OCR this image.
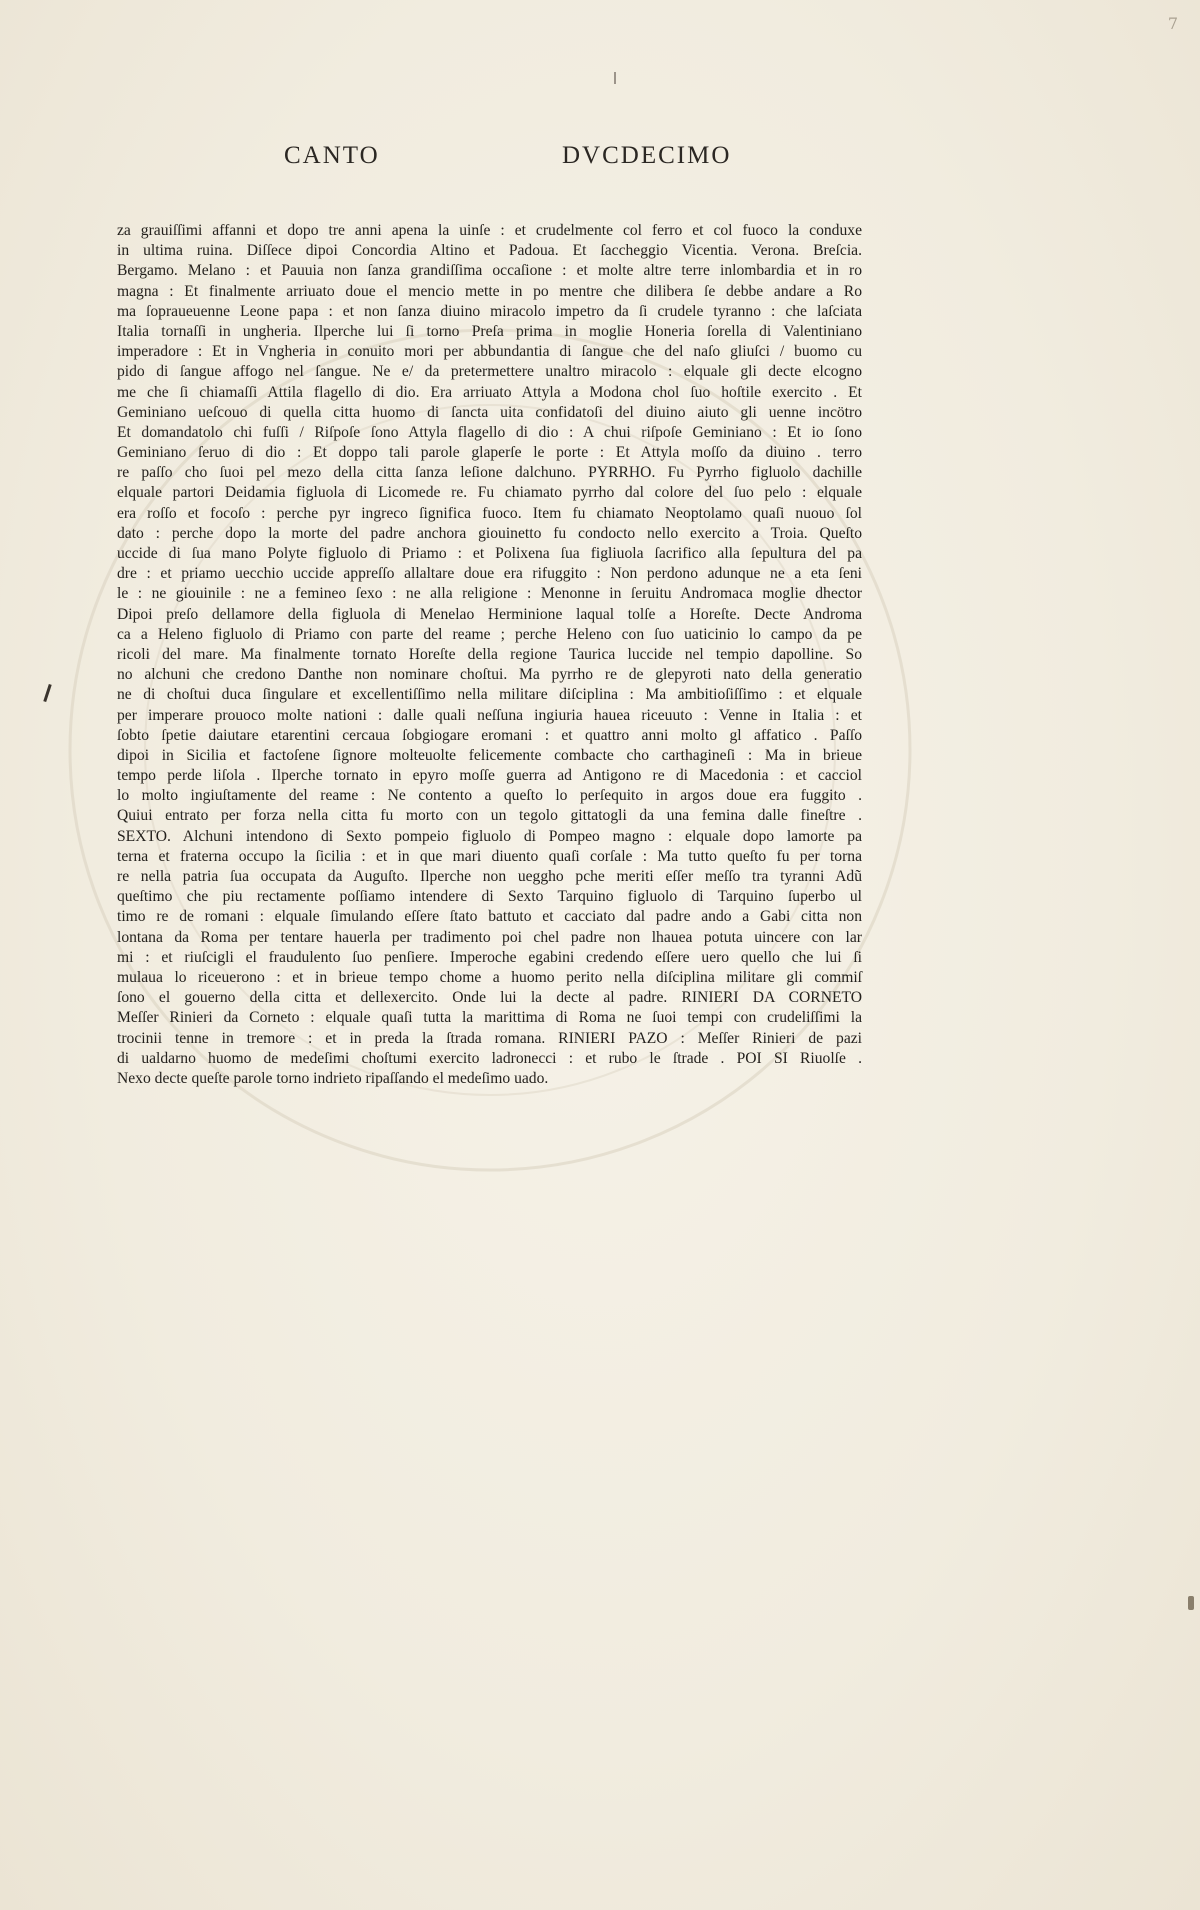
7
CANTO	DVCDECIMO
za grauiſſimi affanni et dopo tre anni apena la uinſe : et crudelmente col ferro et col fuoco la conduxe
in ultima ruina. Diſſece dipoi Concordia Altino et Padoua. Et ſaccheggio Vicentia. Verona. Breſcia.
Bergamo. Melano : et Pauuia non ſanza grandiſſima occaſione : et molte altre terre inlombardia et in ro
magna : Et finalmente arriuato doue el mencio mette in po mentre che dilibera ſe debbe andare a Ro
ma ſopraueuenne Leone papa : et non ſanza diuino miracolo impetro da ſi crudele tyranno : che laſciata
Italia tornaſſi in ungheria. Ilperche lui ſi torno Preſa prima in moglie Honeria ſorella di Valentiniano
imperadore : Et in Vngheria in conuito mori per abbundantia di ſangue che del naſo gliuſci / buomo cu
pido di ſangue affogo nel ſangue. Ne e/ da pretermettere unaltro miracolo : elquale gli decte elcogno
me che ſi chiamaſſi Attila flagello di dio. Era arriuato Attyla a Modona chol ſuo hoſtile exercito . Et
Geminiano ueſcouo di quella citta huomo di ſancta uita confidatoſi del diuino aiuto gli uenne incötro
Et domandatolo chi fuſſi / Riſpoſe ſono Attyla flagello di dio : A chui riſpoſe Geminiano : Et io ſono
Geminiano ſeruo di dio : Et doppo tali parole glaperſe le porte : Et Attyla moſſo da diuino . terro
re paſſo cho ſuoi pel mezo della citta ſanza leſione dalchuno. PYRRHO. Fu Pyrrho figluolo dachille
elquale partori Deidamia figluola di Licomede re. Fu chiamato pyrrho dal colore del ſuo pelo : elquale
era roſſo et focoſo : perche pyr ingreco ſignifica fuoco. Item fu chiamato Neoptolamo quaſi nuouo ſol
dato : perche dopo la morte del padre anchora giouinetto fu condocto nello exercito a Troia. Queſto
uccide di ſua mano Polyte figluolo di Priamo : et Polixena ſua figliuola ſacrifico alla ſepultura del pa
dre : et priamo uecchio uccide appreſſo allaltare doue era rifuggito : Non perdono adunque ne a eta ſeni
le : ne giouinile : ne a femineo ſexo : ne alla religione : Menonne in ſeruitu Andromaca moglie dhector
Dipoi preſo dellamore della figluola di Menelao Herminione laqual tolſe a Horeſte. Decte Androma
ca a Heleno figluolo di Priamo con parte del reame ; perche Heleno con ſuo uaticinio lo campo da pe
ricoli del mare. Ma finalmente tornato Horeſte della regione Taurica luccide nel tempio dapolline. So
no alchuni che credono Danthe non nominare choſtui. Ma pyrrho re de glepyroti nato della generatio
ne di choſtui duca ſingulare et excellentiſſimo nella militare diſciplina : Ma ambitioſiſſimo : et elquale
per imperare prouoco molte nationi : dalle quali neſſuna ingiuria hauea riceuuto : Venne in Italia : et
ſobto ſpetie daiutare etarentini cercaua ſobgiogare eromani : et quattro anni molto gl affatico . Paſſo
dipoi in Sicilia et factoſene ſignore molteuolte felicemente combacte cho carthagineſi : Ma in brieue
tempo perde liſola . Ilperche tornato in epyro moſſe guerra ad Antigono re di Macedonia : et cacciol
lo molto ingiuſtamente del reame : Ne contento a queſto lo perſequito in argos doue era fuggito .
Quiui entrato per forza nella citta fu morto con un tegolo gittatogli da una femina dalle fineſtre .
SEXTO. Alchuni intendono di Sexto pompeio figluolo di Pompeo magno : elquale dopo lamorte pa
terna et fraterna occupo la ſicilia : et in que mari diuento quaſi corſale : Ma tutto queſto fu per torna
re nella patria ſua occupata da Auguſto. Ilperche non ueggho pche meriti eſſer meſſo tra tyranni Adũ
queſtimo che piu rectamente poſſiamo intendere di Sexto Tarquino figluolo di Tarquino ſuperbo ul
timo re de romani : elquale ſimulando eſſere ſtato battuto et cacciato dal padre ando a Gabi citta non
lontana da Roma per tentare hauerla per tradimento poi chel padre non lhauea potuta uincere con lar
mi : et riuſcigli el fraudulento ſuo penſiere. Imperoche egabini credendo eſſere uero quello che lui ſi
mulaua lo riceuerono : et in brieue tempo chome a huomo perito nella diſciplina militare gli commiſ
ſono el gouerno della citta et dellexercito. Onde lui la decte al padre. RINIERI DA CORNETO
Meſſer Rinieri da Corneto : elquale quaſi tutta la marittima di Roma ne ſuoi tempi con crudeliſſimi la
trocinii tenne in tremore : et in preda la ſtrada romana. RINIERI PAZO : Meſſer Rinieri de pazi
di ualdarno huomo de medeſimi choſtumi exercito ladronecci : et rubo le ſtrade . POI SI Riuolſe .
Nexo decte queſte parole torno indrieto ripaſſando el medeſimo uado.
